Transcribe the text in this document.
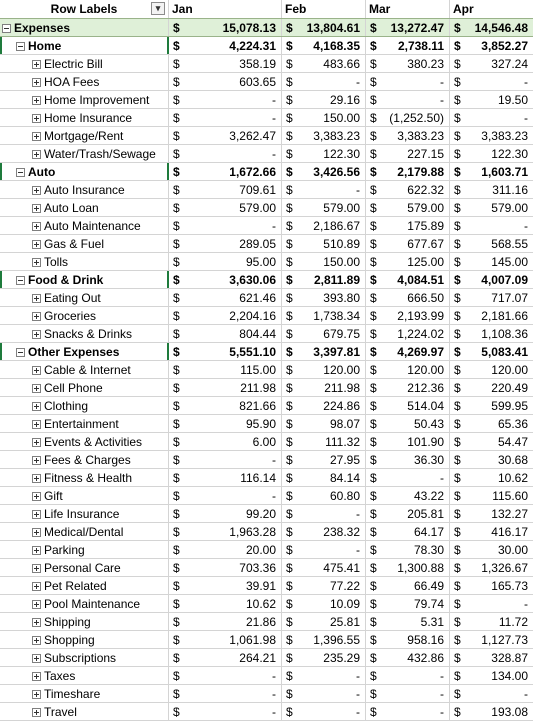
Row Labels	▾ Jan	Feb	Mar	Apr
Expenses	$	15,078.13 $ 13,804.61 $ 13,272.47 $ 14,546.48
Home	$	4,224.31 $ 4,168.35 $ 2,738.11 $ 3,852.27
Electric Bill	$	358.19 $	483.66 $	380.23 $	327.24
HOA Fees	$	603.65 $	- $	- $	-
Home Improvement $	- $	29.16 $	- $	19.50
Home Insurance	$	- $	150.00 $ (1,252.50) $	-
Mortgage/Rent	$	3,262.47 $ 3,383.23 $ 3,383.23 $ 3,383.23
Water/Trash/Sewage $	- $	122.30 $	227.15 $	122.30
Auto	$	1,672.66 $ 3,426.56 $ 2,179.88 $ 1,603.71
Auto Insurance	$	709.61 $	- $	622.32 $	311.16
Auto Loan	$	579.00 $	579.00 $	579.00 $	579.00
Auto Maintenance	$	- $ 2,186.67 $	175.89 $	-
Gas & Fuel	$	289.05 $	510.89 $	677.67 $	568.55
Tolls	$	95.00 $	150.00 $	125.00 $	145.00
Food & Drink	$	3,630.06 $ 2,811.89 $ 4,084.51 $ 4,007.09
Eating Out	$	621.46 $	393.80 $	666.50 $	717.07
Groceries	$	2,204.16 $ 1,738.34 $ 2,193.99 $ 2,181.66
Snacks & Drinks	$	804.44 $	679.75 $ 1,224.02 $ 1,108.36
Other Expenses	$	5,551.10 $ 3,397.81 $ 4,269.97 $ 5,083.41
Cable & Internet	$	115.00 $	120.00 $	120.00 $	120.00
Cell Phone	$	211.98 $	211.98 $	212.36 $	220.49
Clothing	$	821.66 $	224.86 $	514.04 $	599.95
Entertainment	$	95.90 $	98.07 $	50.43 $	65.36
Events & Activities	$	6.00 $	111.32 $	101.90 $	54.47
Fees & Charges	$	- $	27.95 $	36.30 $	30.68
Fitness & Health	$	116.14 $	84.14 $	- $	10.62
Gift	$	- $	60.80 $	43.22 $	115.60
Life Insurance	$	99.20 $	- $	205.81 $	132.27
Medical/Dental	$	1,963.28 $	238.32 $	64.17 $	416.17
Parking	$	20.00 $	- $	78.30 $	30.00
Personal Care	$	703.36 $	475.41 $ 1,300.88 $ 1,326.67
Pet Related	$	39.91 $	77.22 $	66.49 $	165.73
Pool Maintenance	$	10.62 $	10.09 $	79.74 $	-
Shipping	$	21.86 $	25.81 $	5.31 $	11.72
Shopping	$	1,061.98 $ 1,396.55 $	958.16 $ 1,127.73
Subscriptions	$	264.21 $	235.29 $	432.86 $	328.87
Taxes	$	- $	- $	- $	134.00
Timeshare	$	- $	- $	- $	-
Travel	$	- $	- $	- $	193.08
